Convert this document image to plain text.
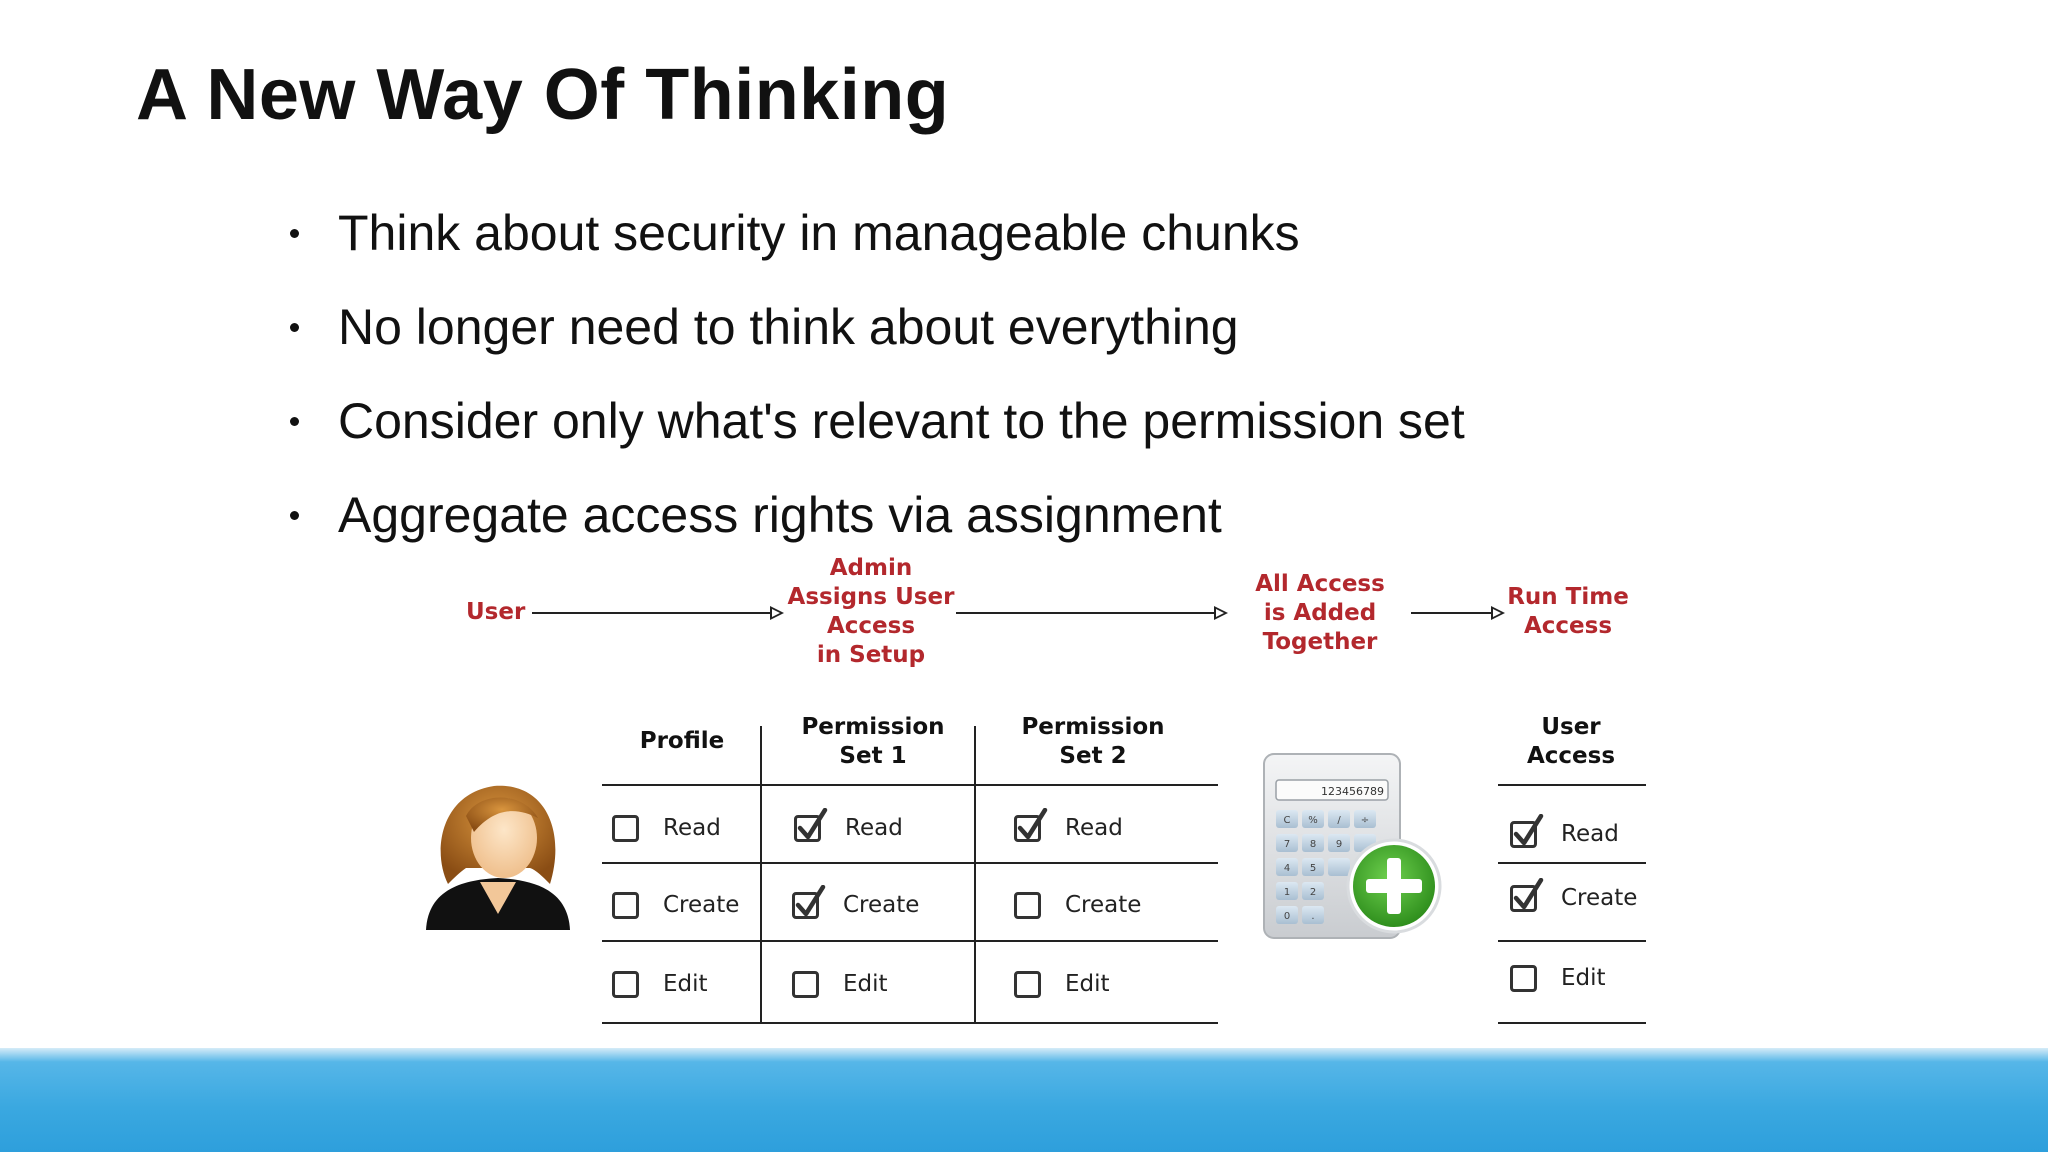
A New Way Of Thinking
Think about security in manageable chunks
No longer need to think about everything
Consider only what's relevant to the permission set
Aggregate access rights via assignment
User
Admin
Assigns User
Access
in Setup
All Access
is Added
Together
Run Time
Access
Profile
Permission
Set 1
Permission
Set 2
User
Access
Read
Create
Edit
Read
Create
Edit
Read
Create
Edit
123456789
C % / ÷
7 8 9
4 5
1 2
0 .
Read
Create
Edit
